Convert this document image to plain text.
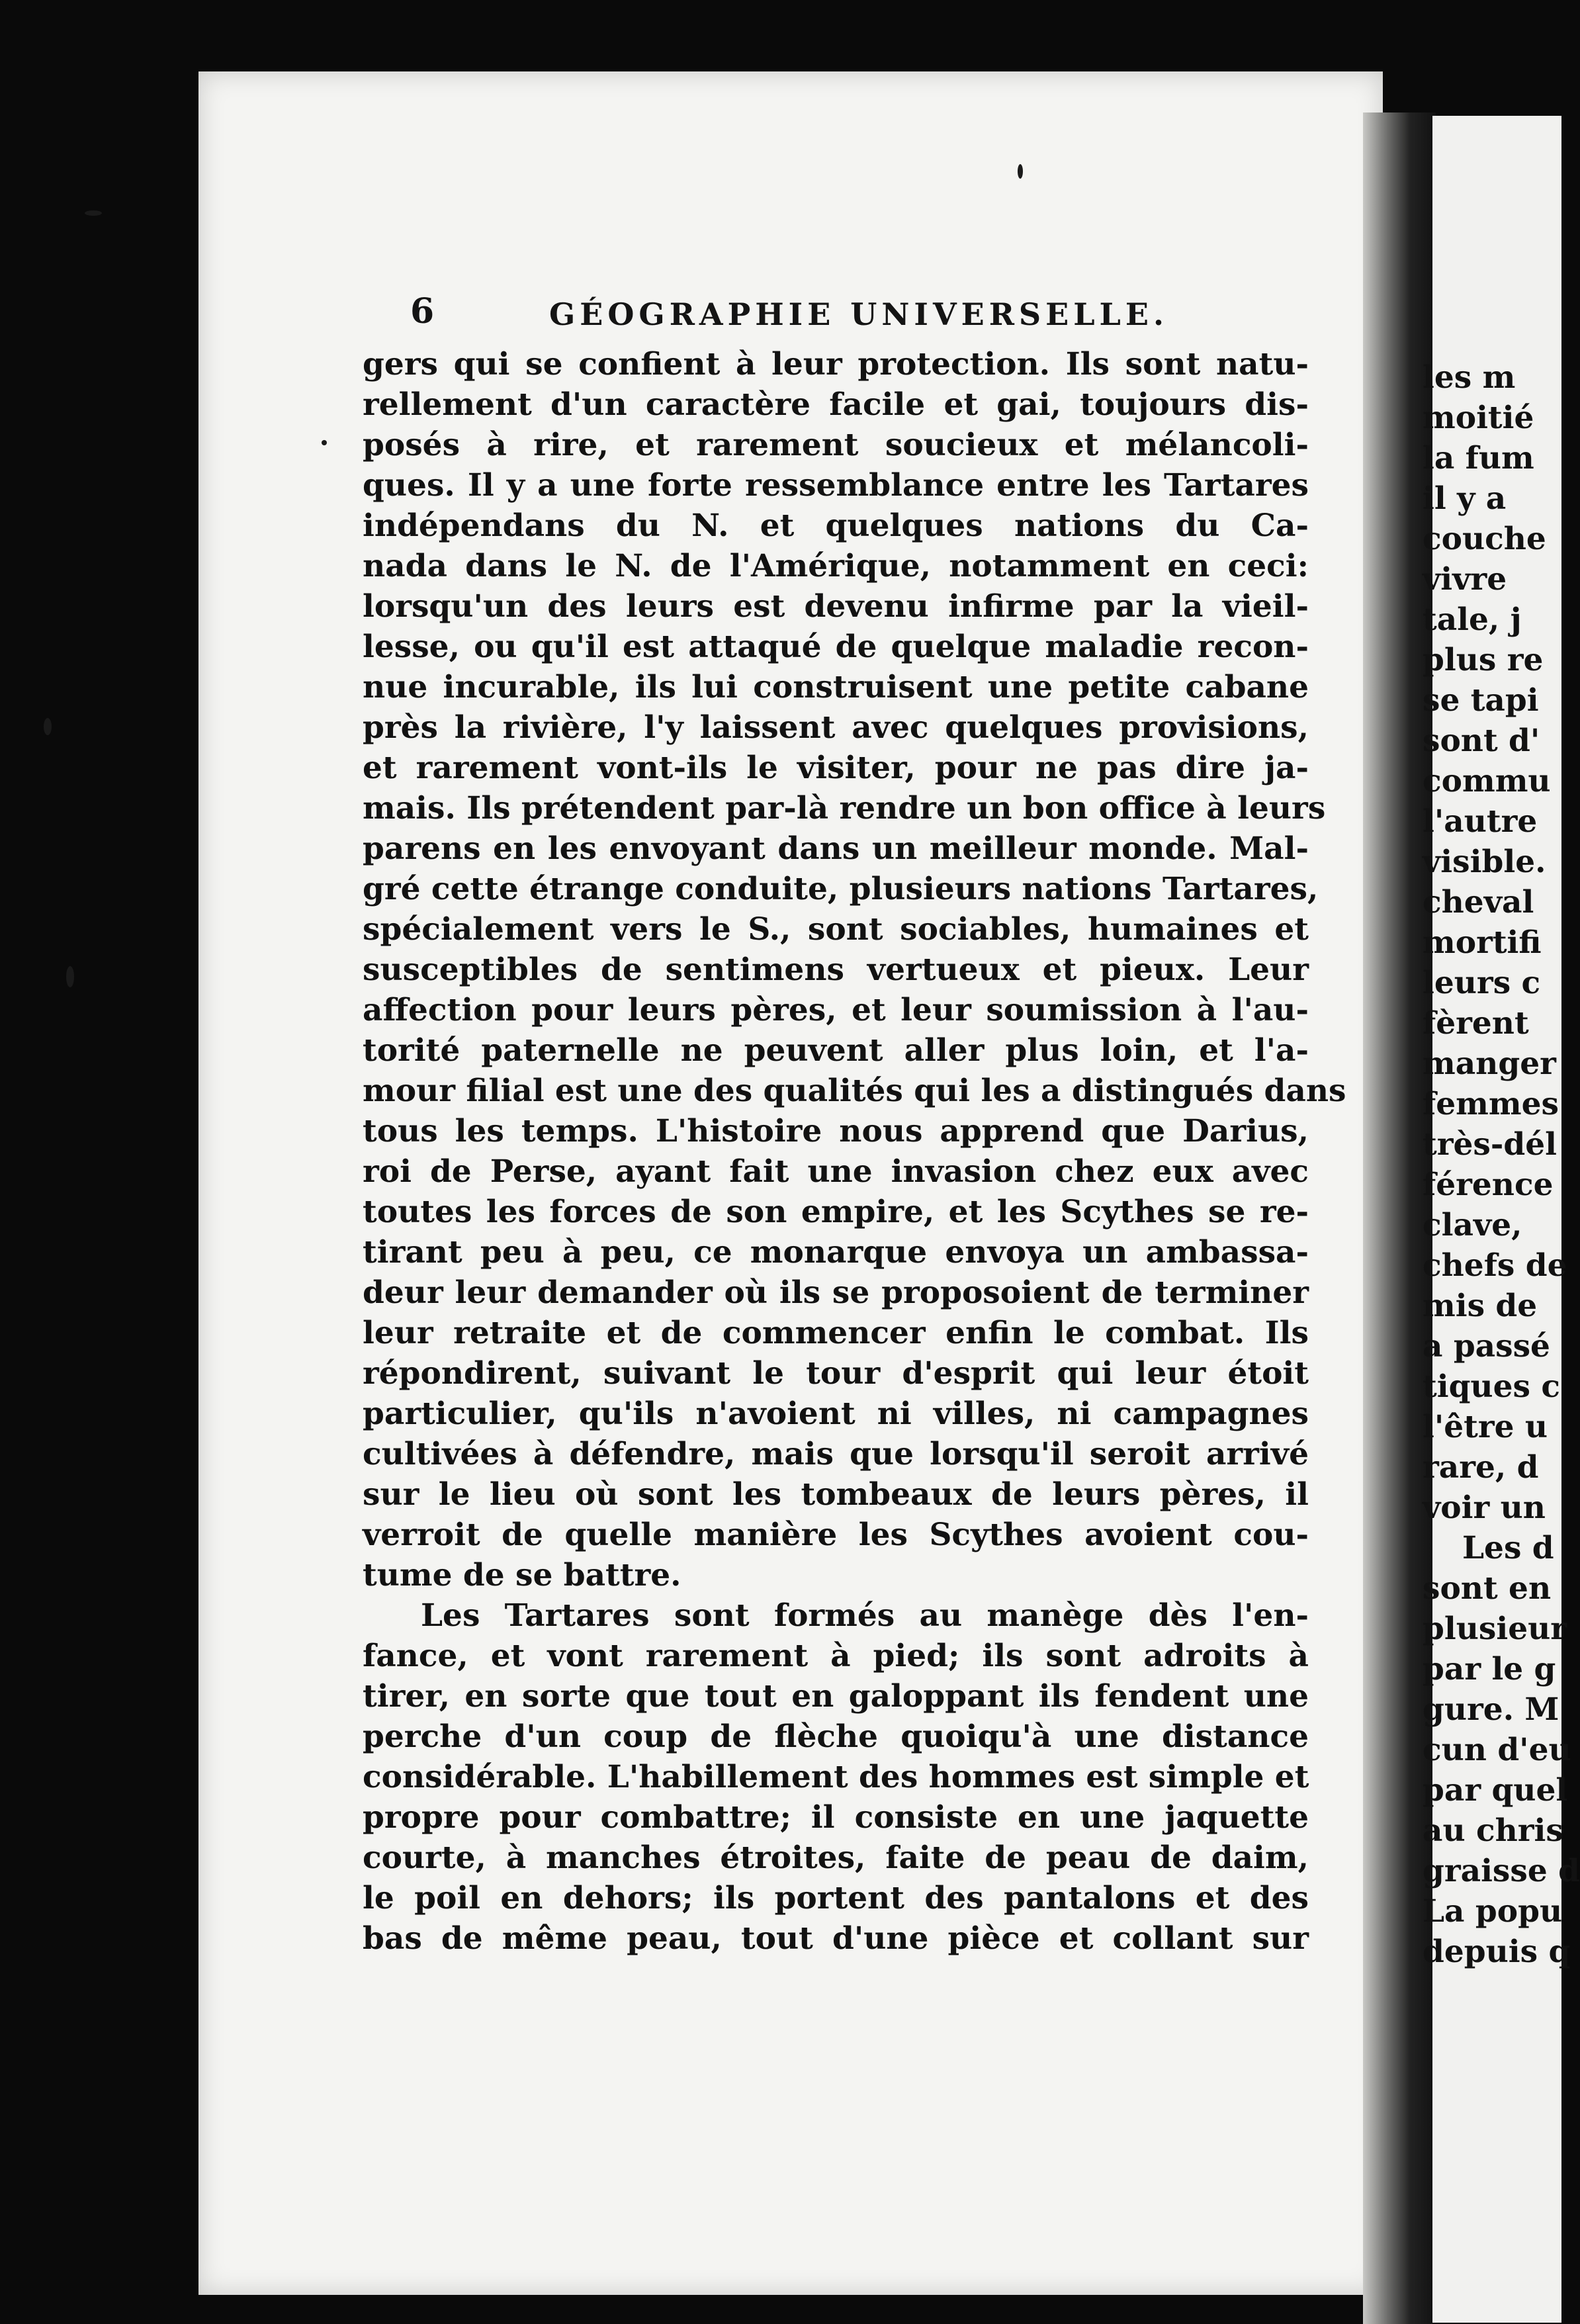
6	GÉOGRAPHIE UNIVERSELLE.
gers qui se confient à leur protection. Ils sont natu-
rellement d'un caractère facile et gai, toujours dis-
posés à rire, et rarement soucieux et mélancoli-
ques. Il y a une forte ressemblance entre les Tartares
indépendans du N. et quelques nations du Ca-
nada dans le N. de l'Amérique, notamment en ceci:
lorsqu'un des leurs est devenu infirme par la vieil-
lesse, ou qu'il est attaqué de quelque maladie recon-
nue incurable, ils lui construisent une petite cabane
près la rivière, l'y laissent avec quelques provisions,
et rarement vont-ils le visiter, pour ne pas dire ja-
mais. Ils prétendent par-là rendre un bon office à leurs
parens en les envoyant dans un meilleur monde. Mal-
gré cette étrange conduite, plusieurs nations Tartares,
spécialement vers le S., sont sociables, humaines et
susceptibles de sentimens vertueux et pieux. Leur
affection pour leurs pères, et leur soumission à l'au-
torité paternelle ne peuvent aller plus loin, et l'a-
mour filial est une des qualités qui les a distingués dans
tous les temps. L'histoire nous apprend que Darius,
roi de Perse, ayant fait une invasion chez eux avec
toutes les forces de son empire, et les Scythes se re-
tirant peu à peu, ce monarque envoya un ambassa-
deur leur demander où ils se proposoient de terminer
leur retraite et de commencer enfin le combat. Ils
répondirent, suivant le tour d'esprit qui leur étoit
particulier, qu'ils n'avoient ni villes, ni campagnes
cultivées à défendre, mais que lorsqu'il seroit arrivé
sur le lieu où sont les tombeaux de leurs pères, il
verroit de quelle manière les Scythes avoient cou-
tume de se battre.
Les Tartares sont formés au manège dès l'en-
fance, et vont rarement à pied; ils sont adroits à
tirer, en sorte que tout en galoppant ils fendent une
perche d'un coup de flèche quoiqu'à une distance
considérable. L'habillement des hommes est simple et
propre pour combattre; il consiste en une jaquette
courte, à manches étroites, faite de peau de daim,
le poil en dehors; ils portent des pantalons et des
bas de même peau, tout d'une pièce et collant sur
les m
moitié
la fum
il y a
couche
vivre
tale, j
plus re
se tapi
sont d'
commu
l'autre
visible.
cheval
mortifi
leurs c
fèrent
manger
femmes
très-dél
férence
clave,
chefs de
mis de
a passé
tiques c
l'être u
rare, d
voir un
Les d
sont en
plusieur
par le g
gure. M
cun d'eu
par quel
au chris
graisse d
La popu
depuis q
